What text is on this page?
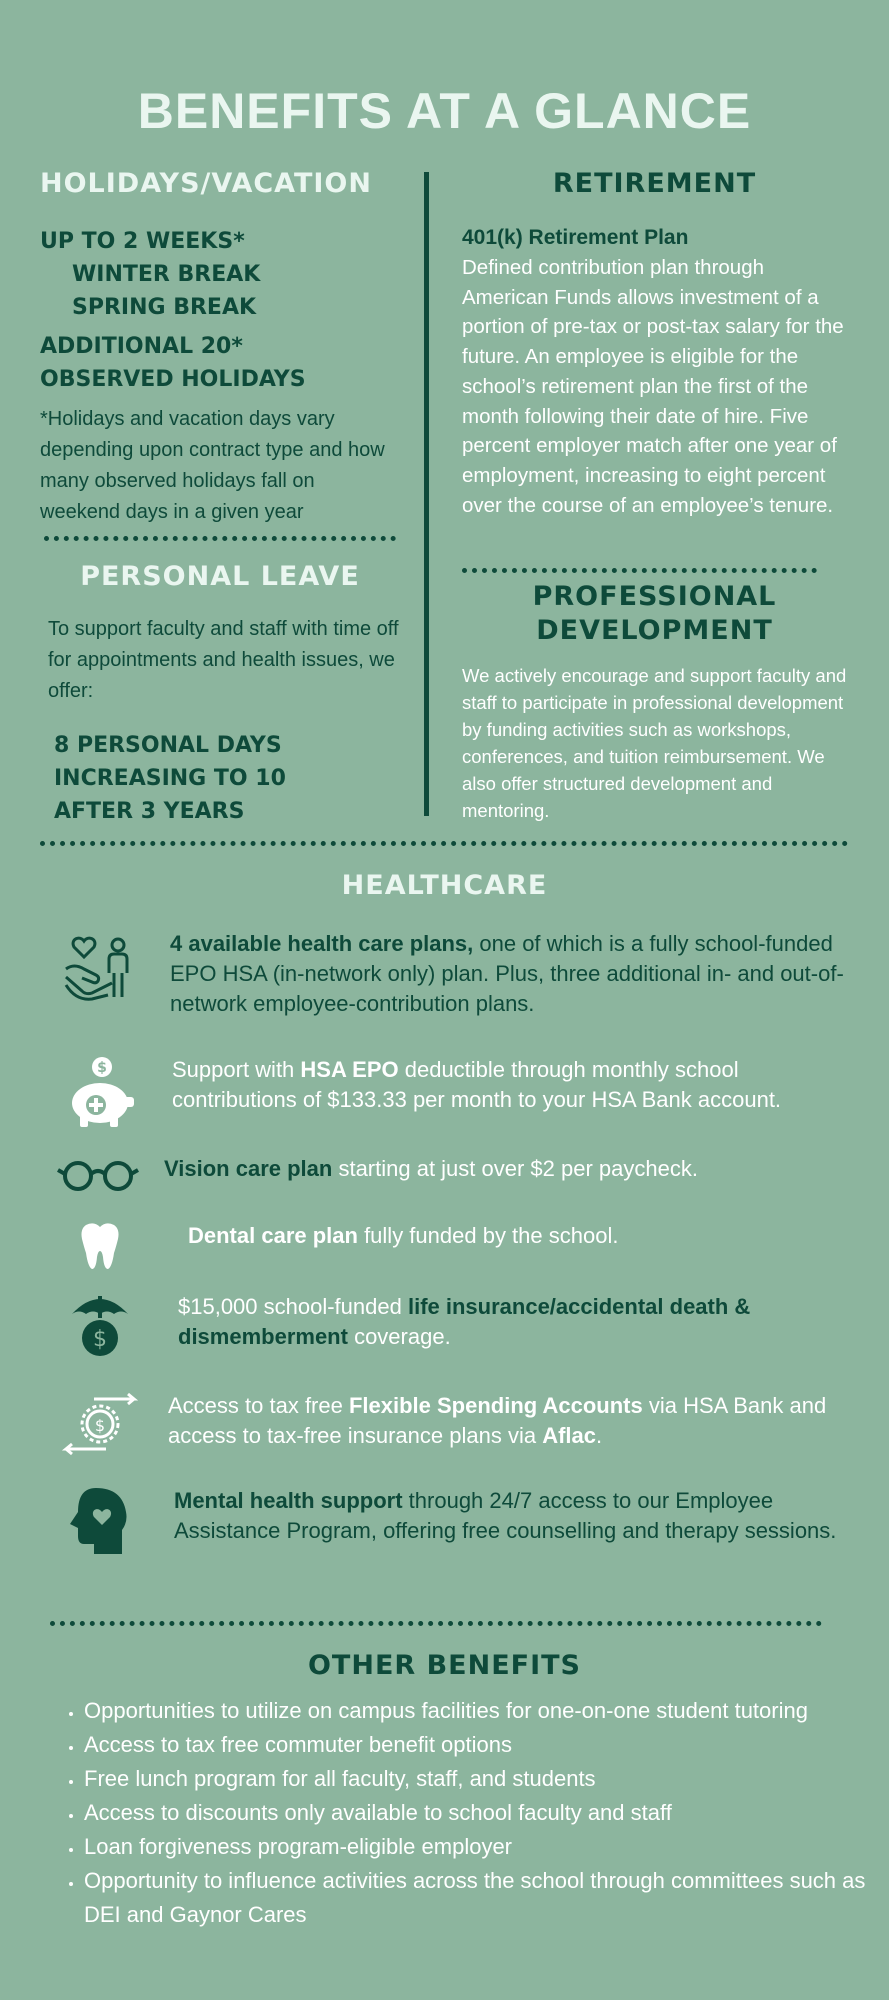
BENEFITS AT A GLANCE

HOLIDAYS/VACATION

UP TO 2 WEEKS*

WINTER BREAK

SPRING BREAK

ADDITIONAL 20*

OBSERVED HOLIDAYS

*Holidays and vacation days vary depending upon contract type and how many observed holidays fall on weekend days in a given year

PERSONAL LEAVE

To support faculty and staff with time off for appointments and health issues, we offer:

8 PERSONAL DAYS

INCREASING TO 10

AFTER 3 YEARS

RETIREMENT

401(k) Retirement Plan

Defined contribution plan through American Funds allows investment of a portion of pre-tax or post-tax salary for the future. An employee is eligible for the school’s retirement plan the first of the month following their date of hire. Five percent employer match after one year of employment, increasing to eight percent over the course of an employee’s tenure.

PROFESSIONAL

DEVELOPMENT

We actively encourage and support faculty and staff to participate in professional development by funding activities such as workshops, conferences, and tuition reimbursement. We also offer structured development and mentoring.

HEALTHCARE

4 available health care plans, one of which is a fully school-funded EPO HSA (in-network only) plan. Plus, three additional in- and out-of-network employee-contribution plans.
$	Support with HSA EPO deductible through monthly school contributions of $133.33 per month to your HSA Bank account.
Vision care plan starting at just over $2 per paycheck.
Dental care plan fully funded by the school.
$
$15,000 school-funded life insurance/accidental death & dismemberment coverage.
$
Access to tax free Flexible Spending Accounts via HSA Bank and access to tax-free insurance plans via Aflac.
Mental health support through 24/7 access to our Employee Assistance Program, offering free counselling and therapy sessions.

OTHER BENEFITS

• Opportunities to utilize on campus facilities for one-on-one student tutoring
• Access to tax free commuter benefit options
• Free lunch program for all faculty, staff, and students
• Access to discounts only available to school faculty and staff
• Loan forgiveness program-eligible employer
• Opportunity to influence activities across the school through committees such as DEI and Gaynor Cares
